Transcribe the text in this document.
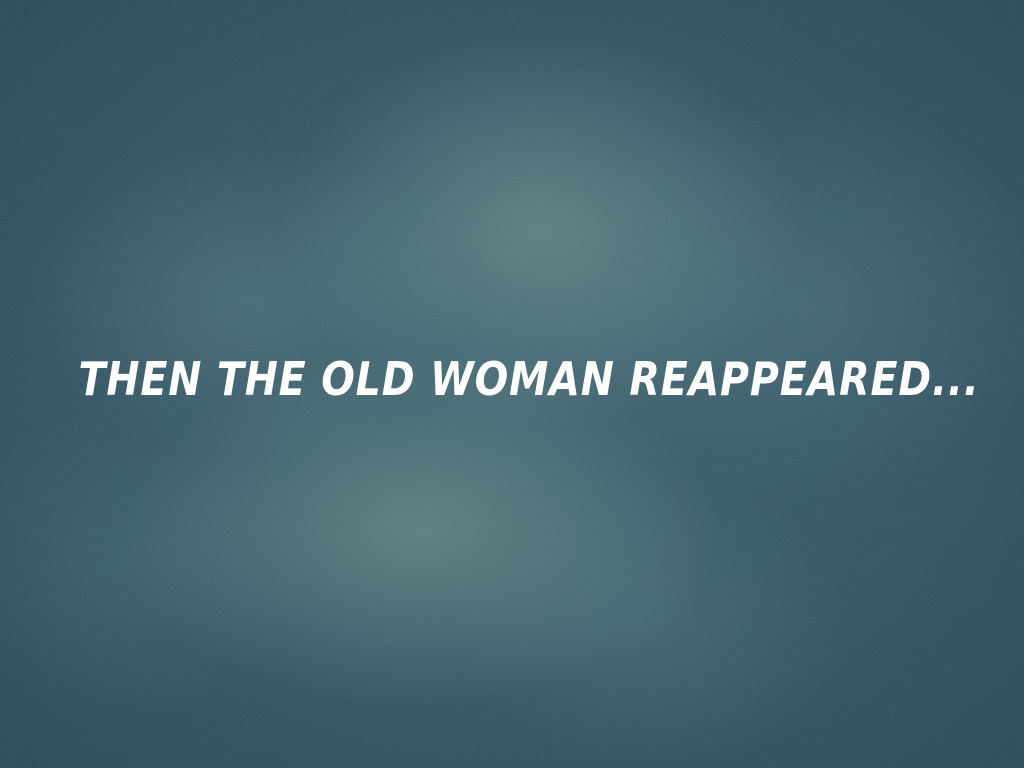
THEN THE OLD WOMAN REAPPEARED...
